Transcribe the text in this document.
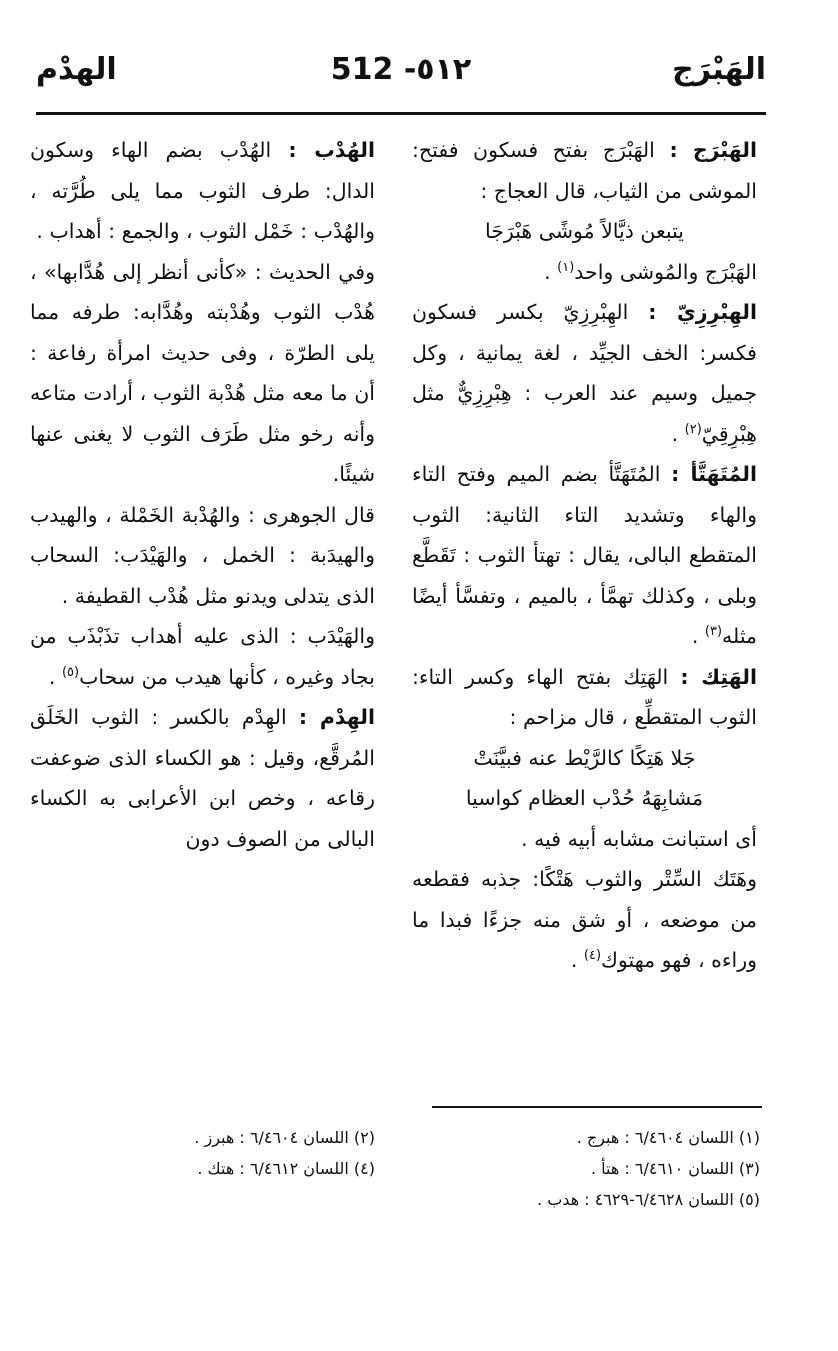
الهَبْرَج
512 -٥١٢
الهدْم

الهَبْرَج : الهَبْرَج بفتح فسكون ففتح: الموشى من الثياب، قال العجاج :

يتبعن ذيَّالاً مُوشًى هَبْرَجَا

الهَبْرَج والمُوشى واحد$^{(١)}$ .

الهِبْرِزِيّ : الهِبْرِزِيّ بكسر فسكون فكسر: الخف الجيِّد ، لغة يمانية ، وكل جميل وسيم عند العرب : هِبْرِزِيٌّ مثل هِبْرِقِيّ$^{(٢)}$ .

المُتَهَتَّأ : المُتَهَتَّأ بضم الميم وفتح التاء والهاء وتشديد التاء الثانية: الثوب المتقطع البالى، يقال : تهتأ الثوب : تَقَطَّع وبلى ، وكذلك تهمَّأ ، بالميم ، وتفسَّأ أيضًا مثله$^{(٣)}$ .

الهَتِك : الهَتِك بفتح الهاء وكسر التاء: الثوب المتقطِّع ، قال مزاحم :

جَلا هَتِكًا كالرَّيْط عنه فبيَّنَتْ

مَشابِهَهُ حُدْب العظام كواسيا

أى استبانت مشابه أبيه فيه .

وهَتَك السِّتْر والثوب هَتْكًا: جذبه فقطعه من موضعه ، أو شق منه جزءًا فبدا ما وراءه ، فهو مهتوك$^{(٤)}$ .

الهُدْب : الهُدْب بضم الهاء وسكون الدال: طرف الثوب مما يلى طُرَّته ، والهُدْب : خَمْل الثوب ، والجمع : أهداب .

وفي الحديث : «كأنى أنظر إلى هُدَّابها» ، هُدْب الثوب وهُدْبته وهُدَّابه: طرفه مما يلى الطرّة ، وفى حديث امرأة رفاعة : أن ما معه مثل هُدْبة الثوب ، أرادت متاعه وأنه رخو مثل طَرَف الثوب لا يغنى عنها شيئًا.

قال الجوهرى : والهُدْبة الخَمْلة ، والهيدب والهيدَبة : الخمل ، والهَيْدَب: السحاب الذى يتدلى ويدنو مثل هُدْب القطيفة .

والهَيْدَب : الذى عليه أهداب تذَبْذَب من بجاد وغيره ، كأنها هيدب من سحاب$^{(٥)}$ .

الهِدْم : الهِدْم بالكسر : الثوب الخَلَق المُرقَّع، وقيل : هو الكساء الذى ضوعفت رقاعه ، وخص ابن الأعرابى به الكساء البالى من الصوف دون

(١) اللسان ٦/٤٦٠٤ : هبرج .
(٣) اللسان ٦/٤٦١٠ : هتأ .
(٥) اللسان ٦/٤٦٢٨-٤٦٢٩ : هدب .
(٢) اللسان ٦/٤٦٠٤ : هبرز .
(٤) اللسان ٦/٤٦١٢ : هتك .
